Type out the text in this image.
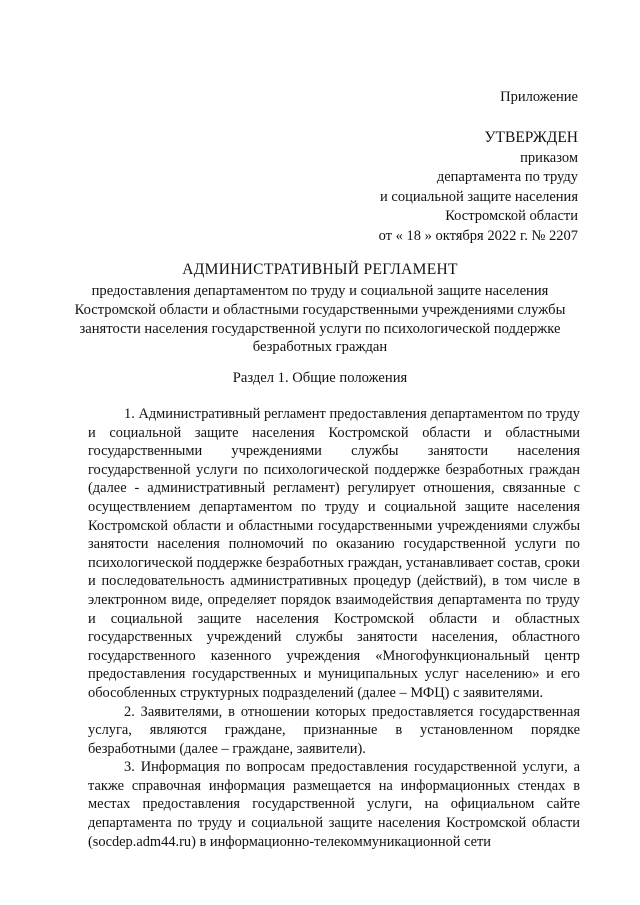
Приложение
УТВЕРЖДЕН
приказом
департамента по труду
и социальной защите населения
Костромской области
от « 18 » октября 2022 г. № 2207
АДМИНИСТРАТИВНЫЙ РЕГЛАМЕНТ
предоставления департаментом по труду и социальной защите населения Костромской области и областными государственными учреждениями службы занятости населения государственной услуги по психологической поддержке безработных граждан
Раздел 1. Общие положения

1. Административный регламент предоставления департаментом по труду и социальной защите населения Костромской области и областными государственными учреждениями службы занятости населения государственной услуги по психологической поддержке безработных граждан (далее - административный регламент) регулирует отношения, связанные с осуществлением департаментом по труду и социальной защите населения Костромской области и областными государственными учреждениями службы занятости населения полномочий по оказанию государственной услуги по психологической поддержке безработных граждан, устанавливает состав, сроки и последовательность административных процедур (действий), в том числе в электронном виде, определяет порядок взаимодействия департамента по труду и социальной защите населения Костромской области и областных государственных учреждений службы занятости населения, областного государственного казенного учреждения «Многофункциональный центр предоставления государственных и муниципальных услуг населению» и его обособленных структурных подразделений (далее – МФЦ) с заявителями.

2. Заявителями, в отношении которых предоставляется государственная услуга, являются граждане, признанные в установленном порядке безработными (далее – граждане, заявители).

3. Информация по вопросам предоставления государственной услуги, а также справочная информация размещается на информационных стендах в местах предоставления государственной услуги, на официальном сайте департамента по труду и социальной защите населения Костромской области (socdep.adm44.ru) в информационно-телекоммуникационной сети
